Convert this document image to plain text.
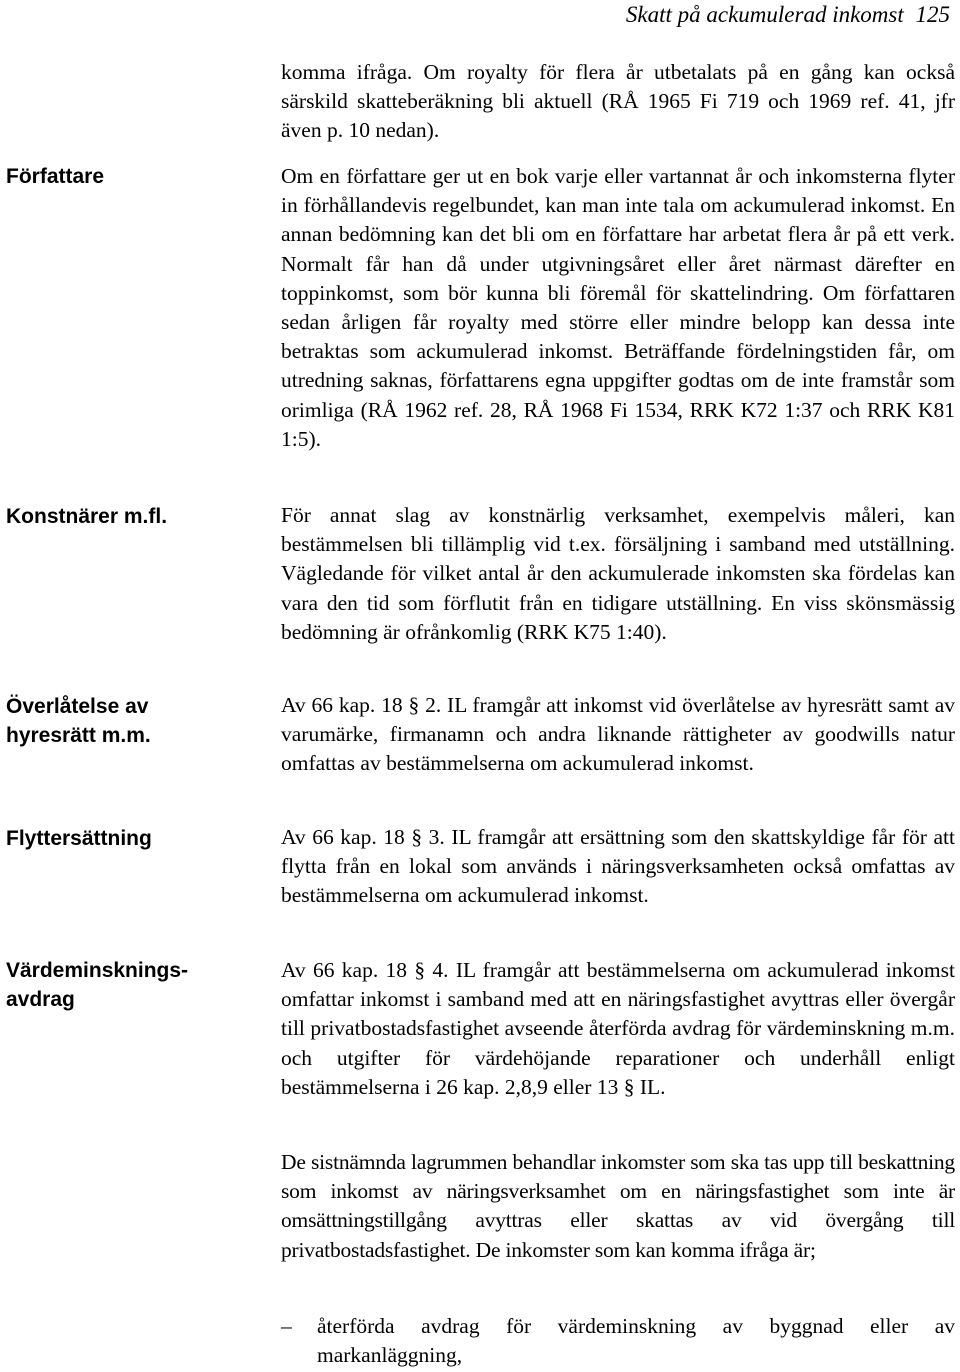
Skatt på ackumulerad inkomst 125
Författare
Konstnärer m.fl.
Överlåtelse av hyresrätt m.m.
Flyttersättning
Värdeminsknings-avdrag

komma ifråga. Om royalty för flera år utbetalats på en gång kan också särskild skatteberäkning bli aktuell (RÅ 1965 Fi 719 och 1969 ref. 41, jfr även p. 10 nedan).

Om en författare ger ut en bok varje eller vartannat år och inkomsterna flyter in förhållandevis regelbundet, kan man inte tala om ackumulerad inkomst. En annan bedömning kan det bli om en författare har arbetat flera år på ett verk. Normalt får han då under utgivningsåret eller året närmast därefter en toppinkomst, som bör kunna bli föremål för skattelindring. Om författaren sedan årligen får royalty med större eller mindre belopp kan dessa inte betraktas som ackumulerad inkomst. Beträffande fördelningstiden får, om utredning saknas, författarens egna uppgifter godtas om de inte framstår som orimliga (RÅ 1962 ref. 28, RÅ 1968 Fi 1534, RRK K72 1:37 och RRK K81 1:5).

För annat slag av konstnärlig verksamhet, exempelvis måleri, kan bestämmelsen bli tillämplig vid t.ex. försäljning i samband med utställning. Vägledande för vilket antal år den ackumulerade inkomsten ska fördelas kan vara den tid som förflutit från en tidigare utställning. En viss skönsmässig bedömning är ofrånkomlig (RRK K75 1:40).

Av 66 kap. 18 § 2. IL framgår att inkomst vid överlåtelse av hyresrätt samt av varumärke, firmanamn och andra liknande rättigheter av goodwills natur omfattas av bestämmelserna om ackumulerad inkomst.

Av 66 kap. 18 § 3. IL framgår att ersättning som den skattskyldige får för att flytta från en lokal som används i näringsverksamheten också omfattas av bestämmelserna om ackumulerad inkomst.

Av 66 kap. 18 § 4. IL framgår att bestämmelserna om ackumulerad inkomst omfattar inkomst i samband med att en näringsfastighet avyttras eller övergår till privatbostadsfastighet avseende återförda avdrag för värdeminskning m.m. och utgifter för värdehöjande reparationer och underhåll enligt bestämmelserna i 26 kap. 2,8,9 eller 13 § IL.

De sistnämnda lagrummen behandlar inkomster som ska tas upp till beskattning som inkomst av näringsverksamhet om en näringsfastighet som inte är omsättningstillgång avyttras eller skattas av vid övergång till privatbostadsfastighet. De inkomster som kan komma ifråga är;

–	återförda avdrag för värdeminskning av byggnad eller av markanläggning,
